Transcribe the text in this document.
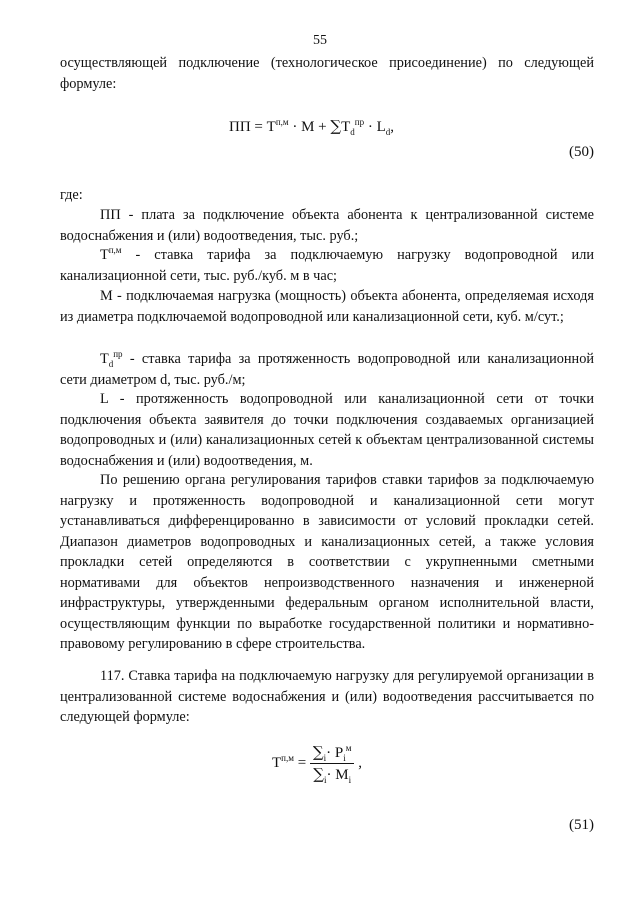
55

осуществляющей подключение (технологическое присоединение) по следующей формуле:

ПП = $T^{п,м} \cdot M + \sum T_d^{пр} \cdot L_d$,
(50)
где:

ПП - плата за подключение объекта абонента к централизованной системе водоснабжения и (или) водоотведения, тыс. руб.;

$T^{п,м}$ - ставка тарифа за подключаемую нагрузку водопроводной или канализационной сети, тыс. руб./куб. м в час;

M - подключаемая нагрузка (мощность) объекта абонента, определяемая исходя из диаметра подключаемой водопроводной или канализационной сети, куб. м/сут.;

$T_d^{пр}$ - ставка тарифа за протяженность водопроводной или канализационной сети диаметром d, тыс. руб./м;

L - протяженность водопроводной или канализационной сети от точки подключения объекта заявителя до точки подключения создаваемых организацией водопроводных и (или) канализационных сетей к объектам централизованной системы водоснабжения и (или) водоотведения, м.

По решению органа регулирования тарифов ставки тарифов за подключаемую нагрузку и протяженность водопроводной и канализационной сети могут устанавливаться дифференцированно в зависимости от условий прокладки сетей. Диапазон диаметров водопроводных и канализационных сетей, а также условия прокладки сетей определяются в соответствии с укрупненными сметными нормативами для объектов непроизводственного назначения и инженерной инфраструктуры, утвержденными федеральным органом исполнительной власти, осуществляющим функции по выработке государственной политики и нормативно-правовому регулированию в сфере строительства.

117. Ставка тарифа на подключаемую нагрузку для регулируемой организации в централизованной системе водоснабжения и (или) водоотведения рассчитывается по следующей формуле:

$T^{п,м} = \frac{\sum_i\cdot P_i^м}{\sum_i\cdot M_i}$ ,
(51)
